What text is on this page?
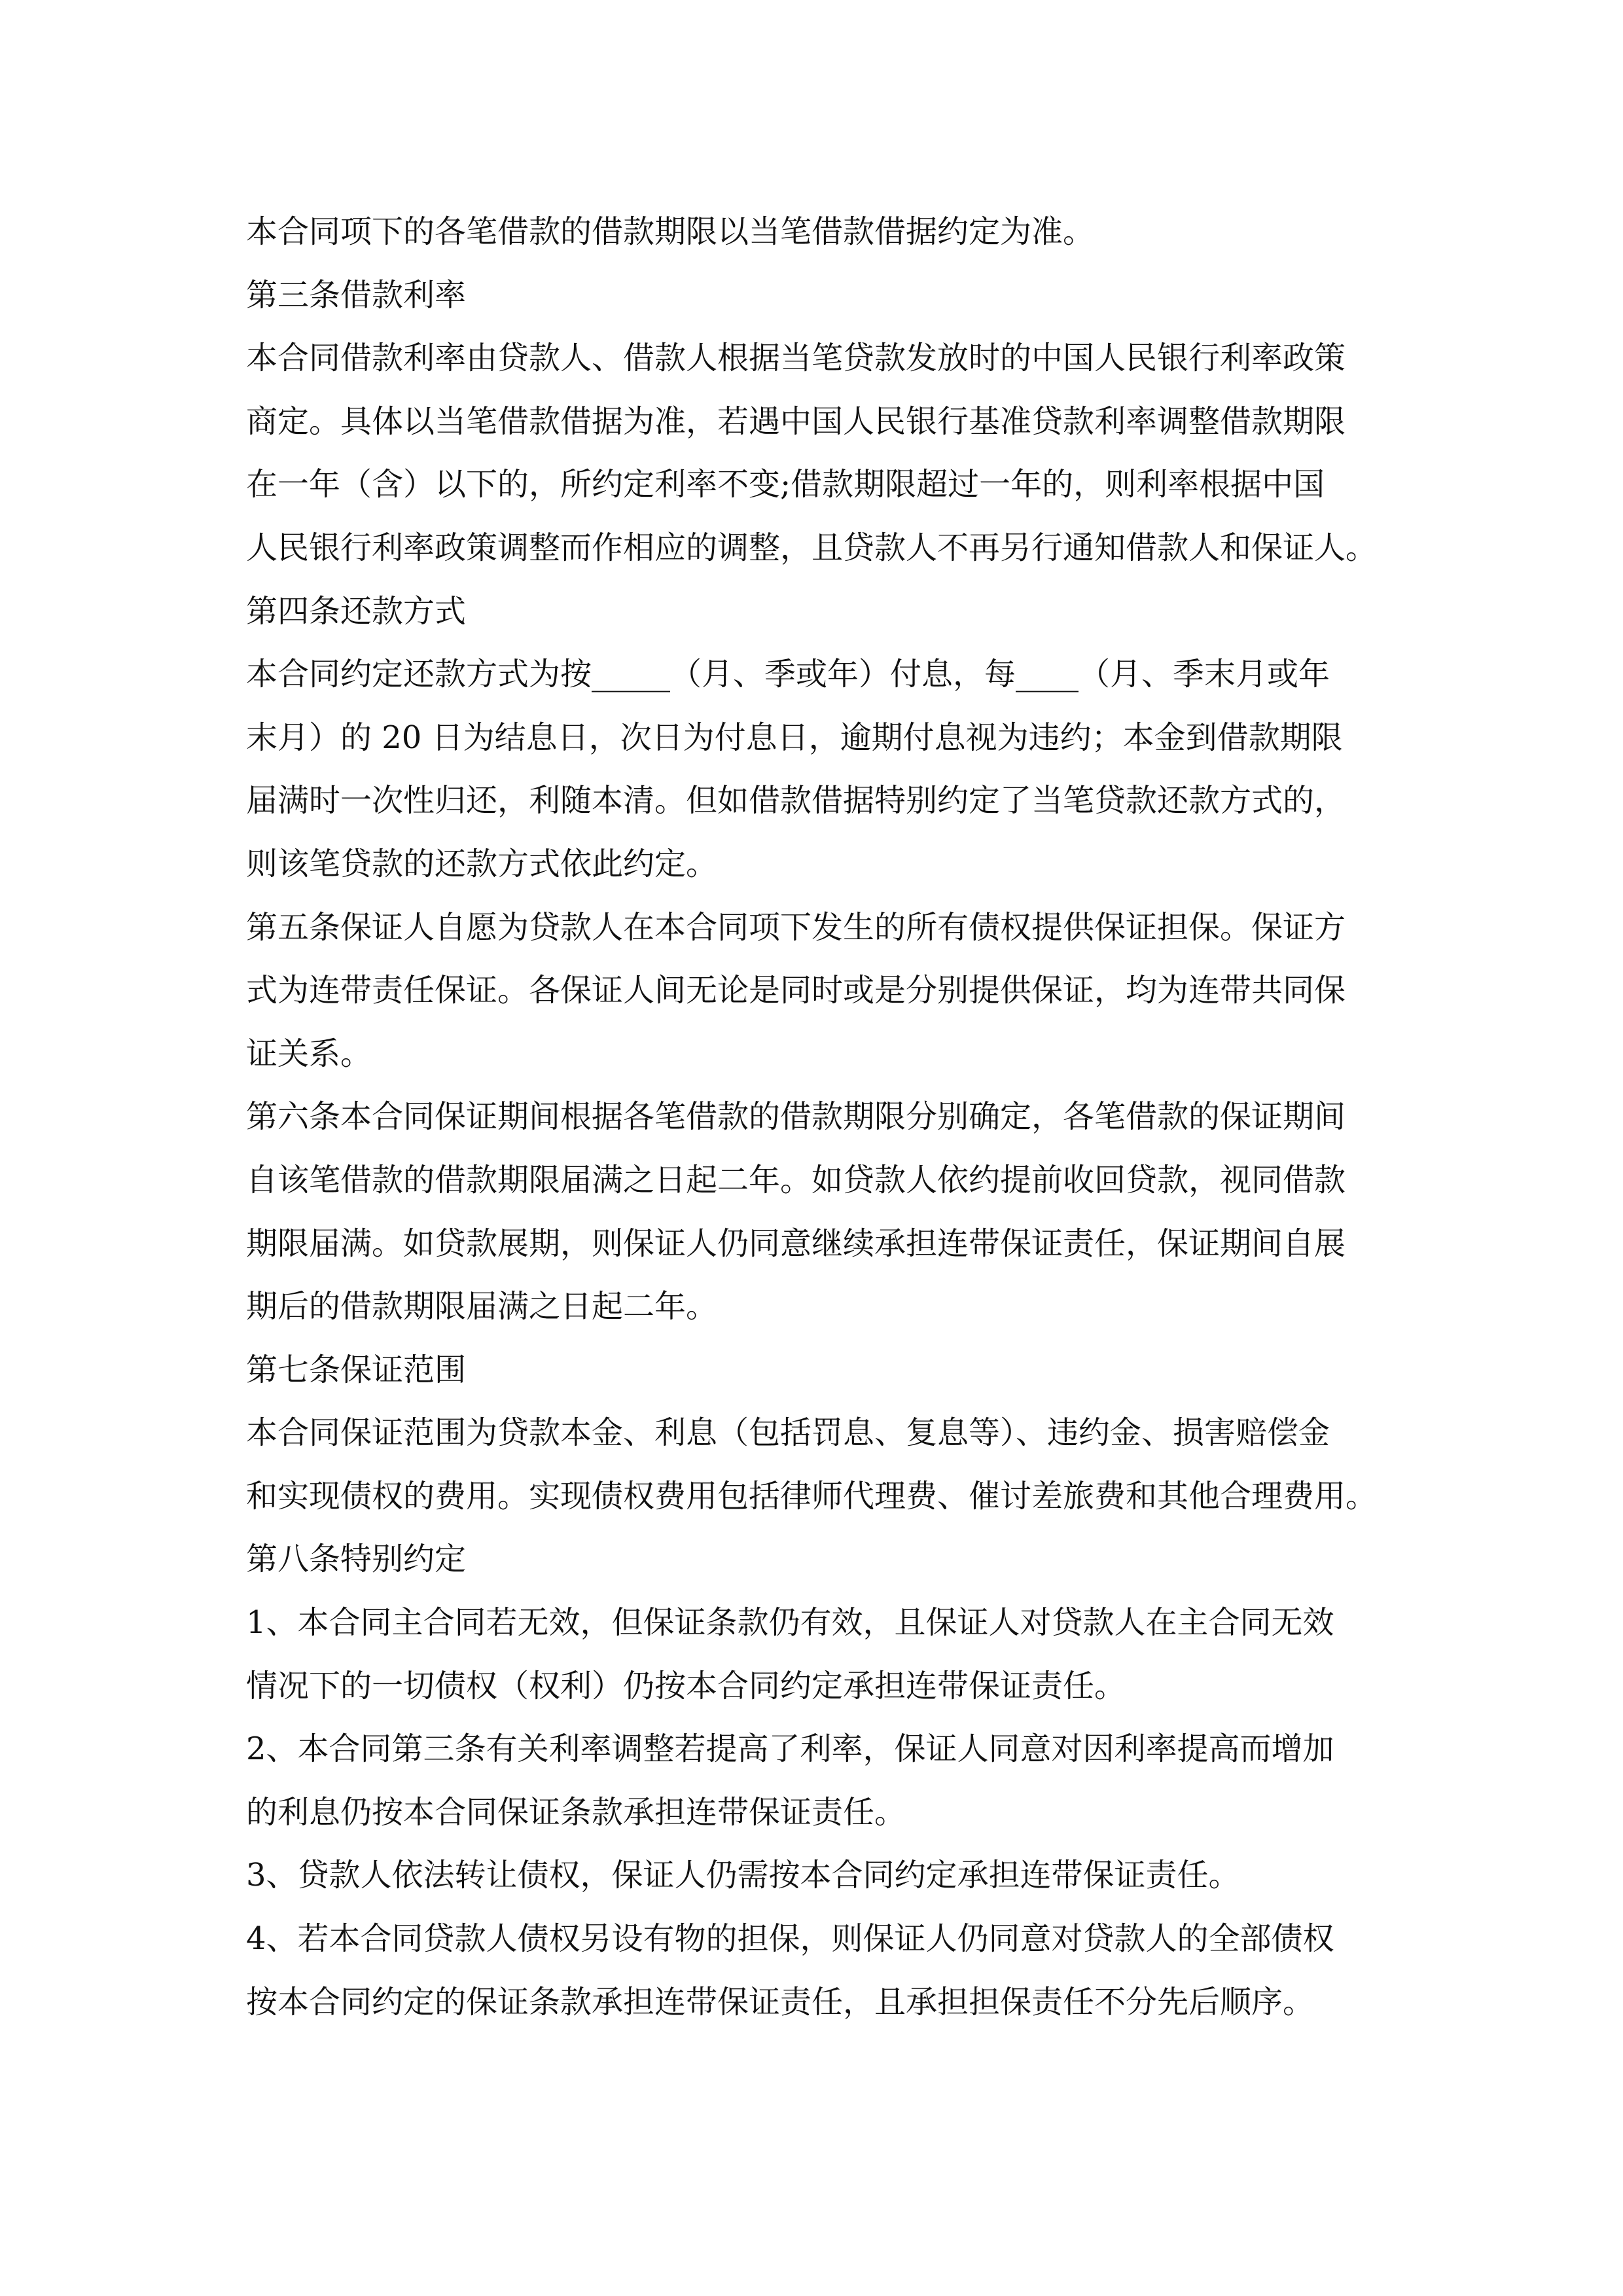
本合同项下的各笔借款的借款期限以当笔借款借据约定为准。

第三条借款利率

本合同借款利率由贷款人、借款人根据当笔贷款发放时的中国人民银行利率政策

商定。具体以当笔借款借据为准，若遇中国人民银行基准贷款利率调整借款期限

在一年（含）以下的，所约定利率不变;借款期限超过一年的，则利率根据中国

人民银行利率政策调整而作相应的调整，且贷款人不再另行通知借款人和保证人。

第四条还款方式

本合同约定还款方式为按_____（月、季或年）付息，每____（月、季末月或年

末月）的 20 日为结息日，次日为付息日，逾期付息视为违约；本金到借款期限

届满时一次性归还，利随本清。但如借款借据特别约定了当笔贷款还款方式的，

则该笔贷款的还款方式依此约定。

第五条保证人自愿为贷款人在本合同项下发生的所有债权提供保证担保。保证方

式为连带责任保证。各保证人间无论是同时或是分别提供保证，均为连带共同保

证关系。

第六条本合同保证期间根据各笔借款的借款期限分别确定，各笔借款的保证期间

自该笔借款的借款期限届满之日起二年。如贷款人依约提前收回贷款，视同借款

期限届满。如贷款展期，则保证人仍同意继续承担连带保证责任，保证期间自展

期后的借款期限届满之日起二年。

第七条保证范围

本合同保证范围为贷款本金、利息（包括罚息、复息等）、违约金、损害赔偿金

和实现债权的费用。实现债权费用包括律师代理费、催讨差旅费和其他合理费用。

第八条特别约定

1、本合同主合同若无效，但保证条款仍有效，且保证人对贷款人在主合同无效

情况下的一切债权（权利）仍按本合同约定承担连带保证责任。

2、本合同第三条有关利率调整若提高了利率，保证人同意对因利率提高而增加

的利息仍按本合同保证条款承担连带保证责任。

3、贷款人依法转让债权，保证人仍需按本合同约定承担连带保证责任。

4、若本合同贷款人债权另设有物的担保，则保证人仍同意对贷款人的全部债权

按本合同约定的保证条款承担连带保证责任，且承担担保责任不分先后顺序。
